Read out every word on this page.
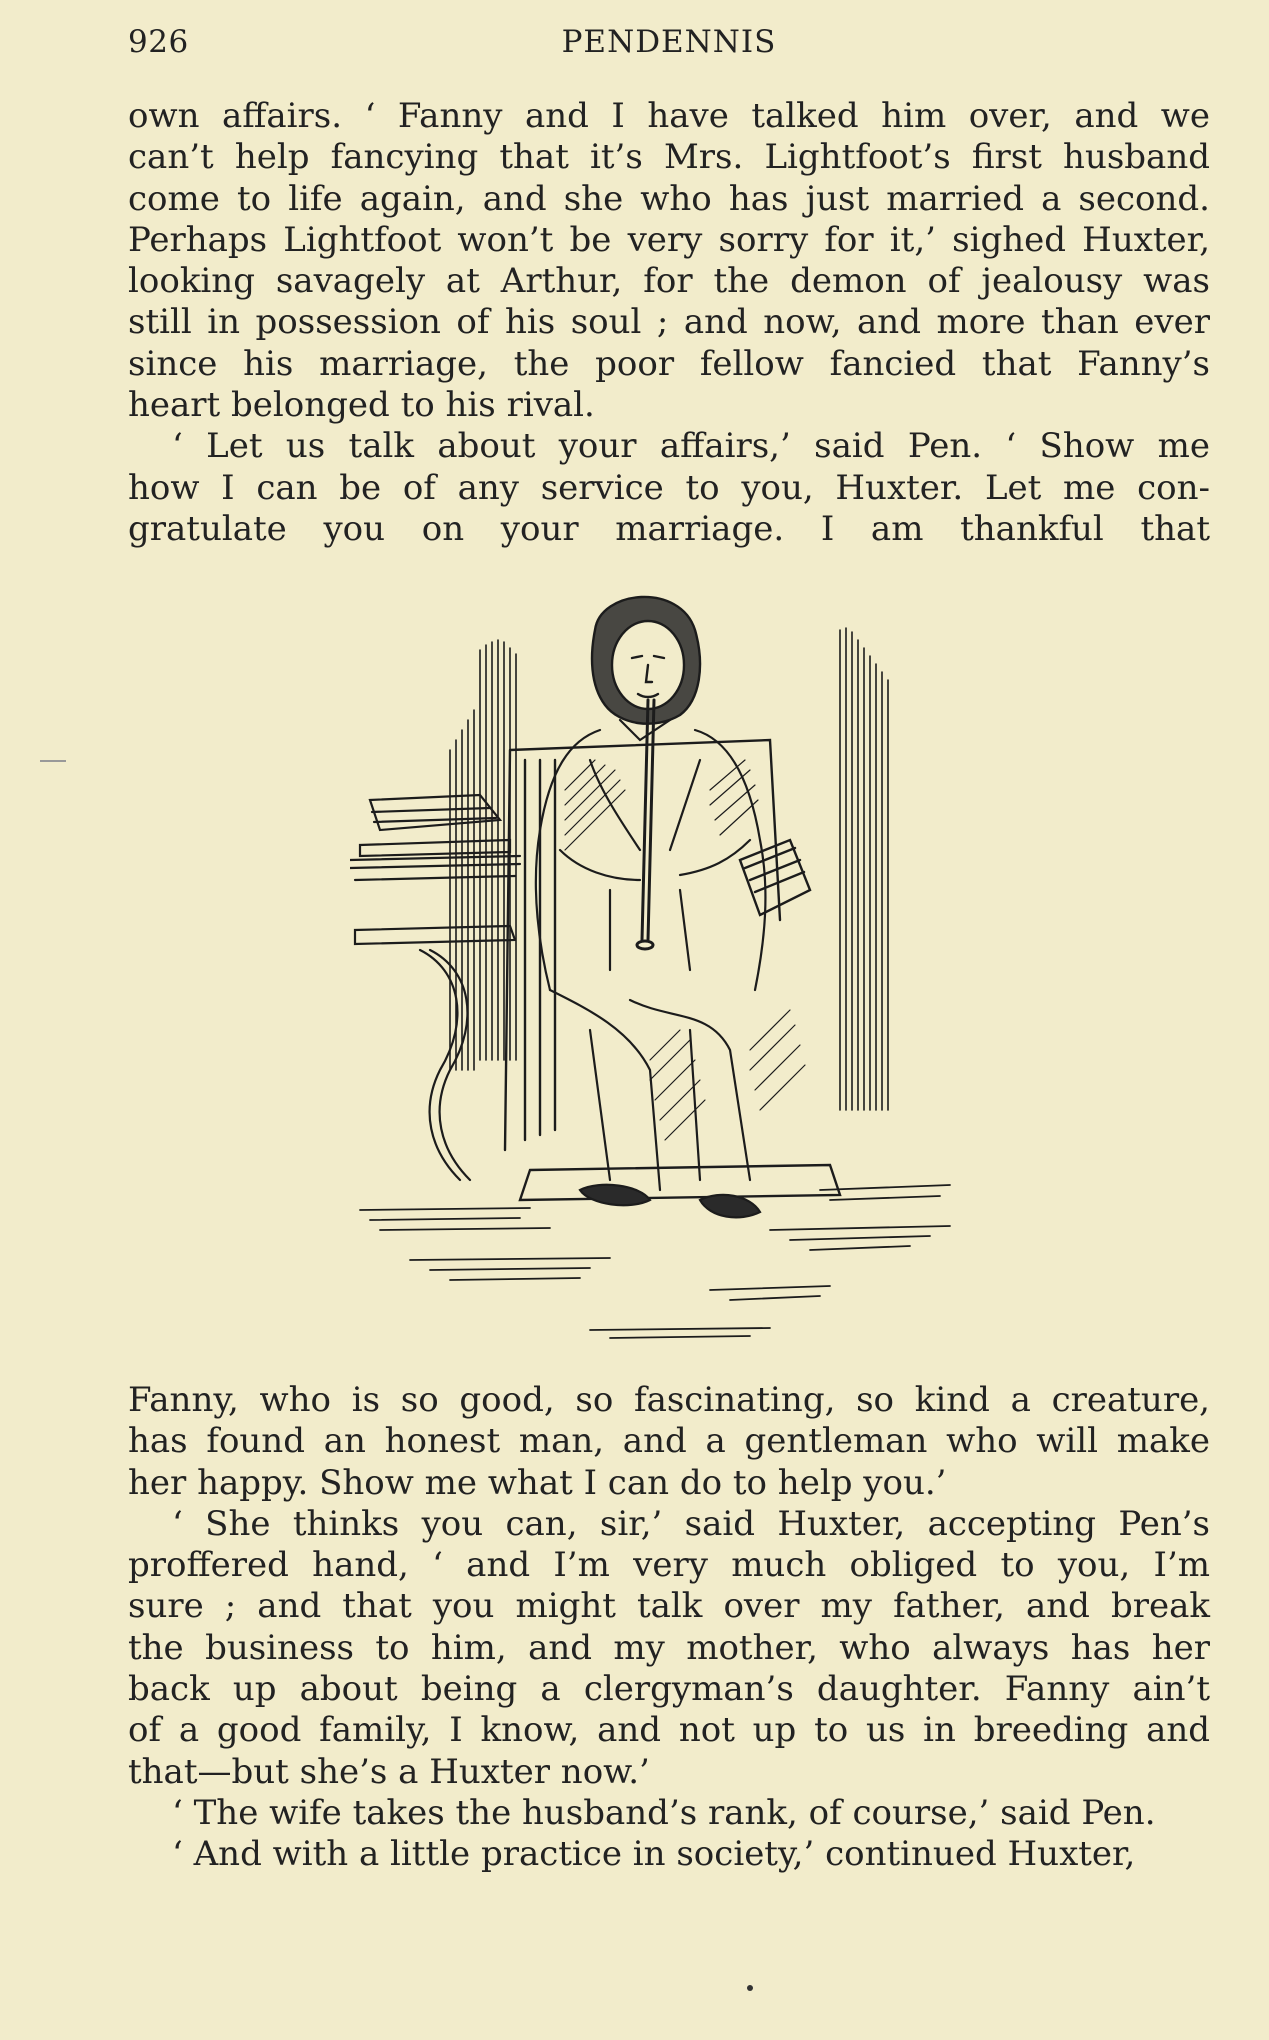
926	PENDENNIS

own affairs. ‘ Fanny and I have talked him over, and we

can’t help fancying that it’s Mrs. Lightfoot’s first husband

come to life again, and she who has just married a second.

Perhaps Lightfoot won’t be very sorry for it,’ sighed Huxter,

looking savagely at Arthur, for the demon of jealousy was

still in possession of his soul ; and now, and more than ever

since his marriage, the poor fellow fancied that Fanny’s

heart belonged to his rival.

‘ Let us talk about your affairs,’ said Pen. ‘ Show me

how I can be of any service to you, Huxter. Let me con-

gratulate you on your marriage. I am thankful that

Fanny, who is so good, so fascinating, so kind a creature,

has found an honest man, and a gentleman who will make

her happy. Show me what I can do to help you.’

‘ She thinks you can, sir,’ said Huxter, accepting Pen’s

proffered hand, ‘ and I’m very much obliged to you, I’m

sure ; and that you might talk over my father, and break

the business to him, and my mother, who always has her

back up about being a clergyman’s daughter. Fanny ain’t

of a good family, I know, and not up to us in breeding and

that—but she’s a Huxter now.’

‘ The wife takes the husband’s rank, of course,’ said Pen.

‘ And with a little practice in society,’ continued Huxter,
